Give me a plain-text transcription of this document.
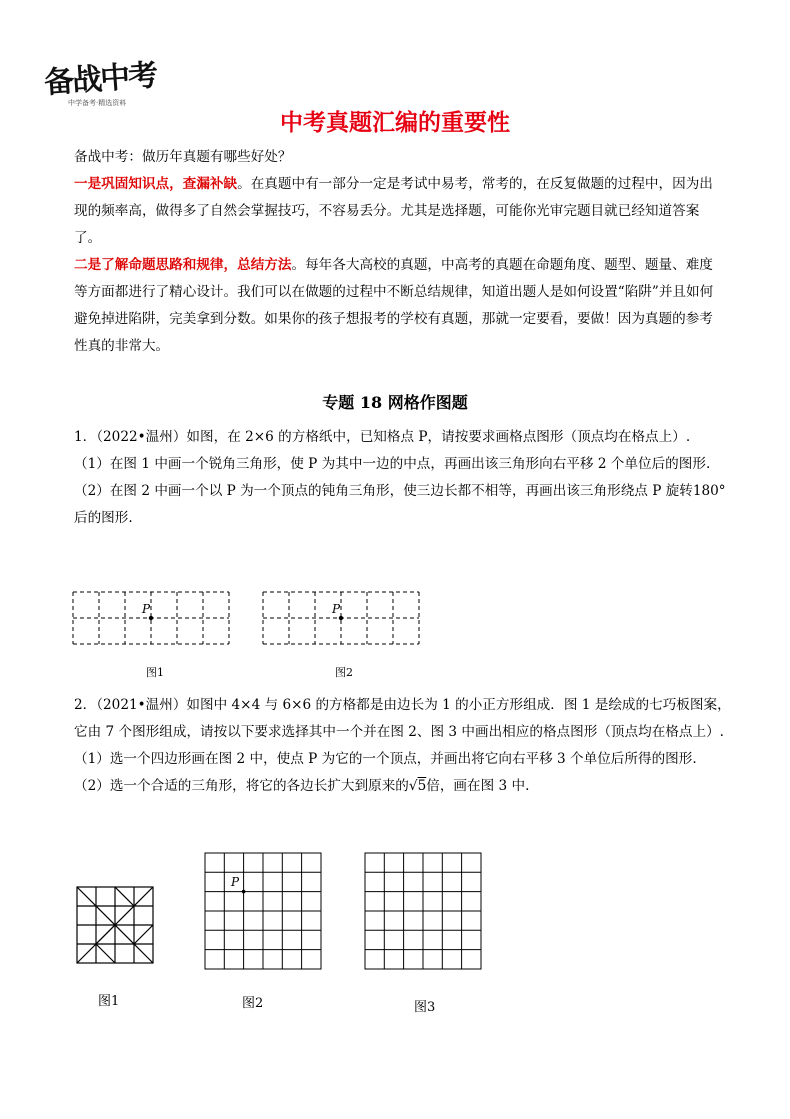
备战中考
中学备考·精选资料
中考真题汇编的重要性

备战中考：做历年真题有哪些好处？

一是巩固知识点，查漏补缺。在真题中有一部分一定是考试中易考，常考的，在反复做题的过程中，因为出现的频率高，做得多了自然会掌握技巧，不容易丢分。尤其是选择题，可能你光审完题目就已经知道答案了。

二是了解命题思路和规律，总结方法。每年各大高校的真题，中高考的真题在命题角度、题型、题量、难度等方面都进行了精心设计。我们可以在做题的过程中不断总结规律，知道出题人是如何设置“陷阱”并且如何避免掉进陷阱，完美拿到分数。如果你的孩子想报考的学校有真题，那就一定要看，要做！因为真题的参考性真的非常大。

专题 18 网格作图题

1．（2022•温州）如图，在 2×6 的方格纸中，已知格点 P，请按要求画格点图形（顶点均在格点上）.

（1）在图 1 中画一个锐角三角形，使 P 为其中一边的中点，再画出该三角形向右平移 2 个单位后的图形.

（2）在图 2 中画一个以 P 为一个顶点的钝角三角形，使三边长都不相等，再画出该三角形绕点 P 旋转180°后的图形.

P
图1
P
图2

2．（2021•温州）如图中 4×4 与 6×6 的方格都是由边长为 1 的小正方形组成．图 1 是绘成的七巧板图案，它由 7 个图形组成，请按以下要求选择其中一个并在图 2、图 3 中画出相应的格点图形（顶点均在格点上）.

（1）选一个四边形画在图 2 中，使点 P 为它的一个顶点，并画出将它向右平移 3 个单位后所得的图形.

（2）选一个合适的三角形，将它的各边长扩大到原来的√5倍，画在图 3 中.

图1
P
图2	图3
